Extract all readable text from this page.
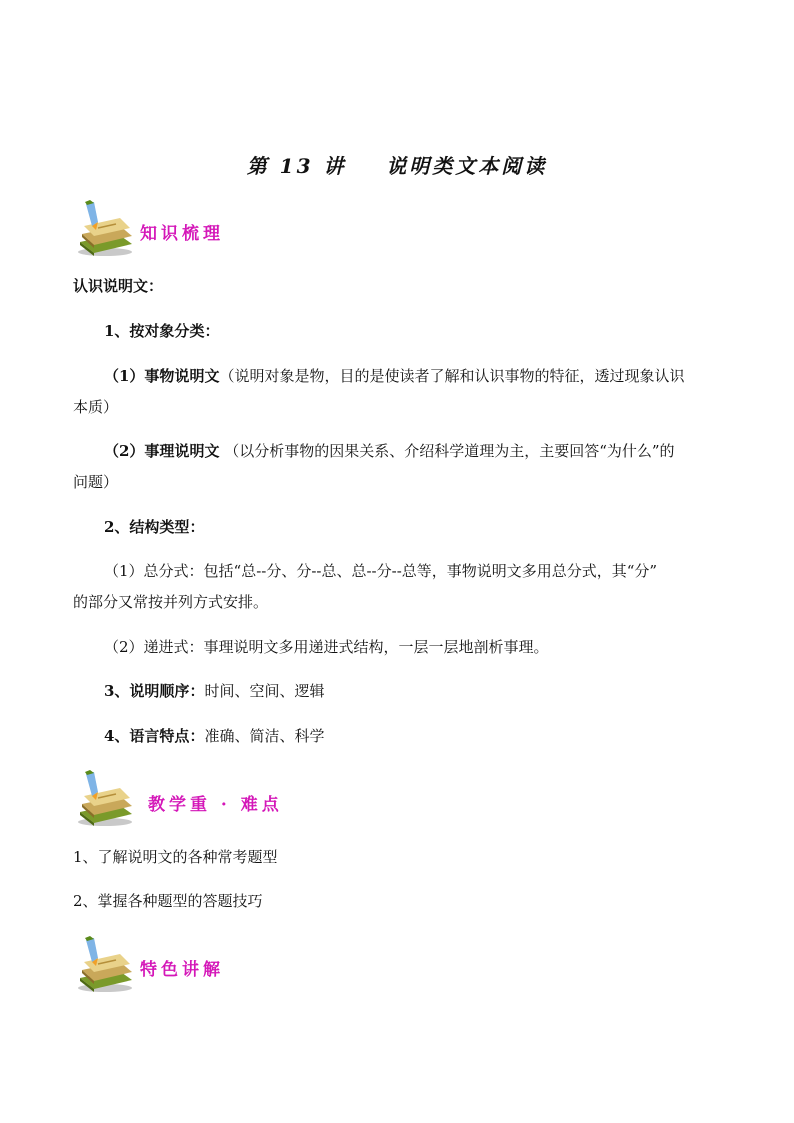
第 13 讲    说明类文本阅读
知识梳理
认识说明文：
1、按对象分类：
（1）事物说明文（说明对象是物，目的是使读者了解和认识事物的特征，透过现象认识
本质）
（2）事理说明文 （以分析事物的因果关系、介绍科学道理为主，主要回答“为什么”的
问题）
2、结构类型：
（1）总分式：包括“总--分、分--总、总--分--总等，事物说明文多用总分式，其“分”
的部分又常按并列方式安排。
（2）递进式：事理说明文多用递进式结构，一层一层地剖析事理。
3、说明顺序：时间、空间、逻辑
4、语言特点：准确、简洁、科学
教学重 · 难点
1、了解说明文的各种常考题型
2、掌握各种题型的答题技巧
特色讲解
